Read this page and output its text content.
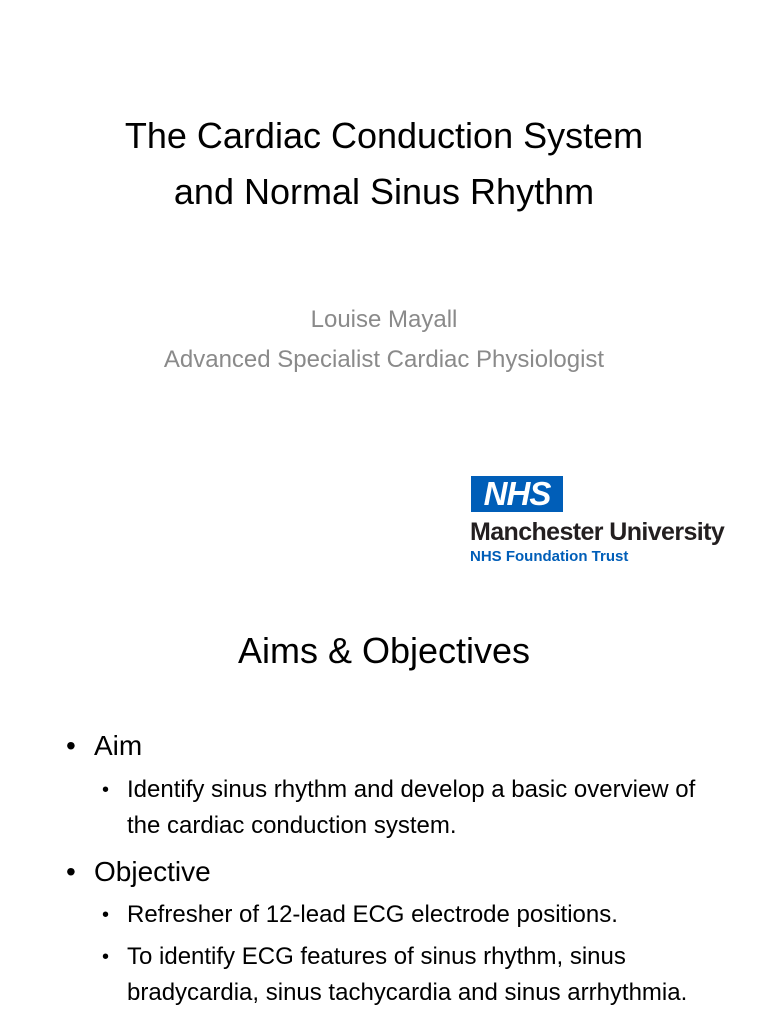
The Cardiac Conduction System
and Normal Sinus Rhythm
Louise Mayall
Advanced Specialist Cardiac Physiologist
NHS
Manchester University
NHS Foundation Trust
Aims & Objectives
• Aim
• Identify sinus rhythm and develop a basic overview of the cardiac conduction system.
• Objective
• Refresher of 12-lead ECG electrode positions.
• To identify ECG features of sinus rhythm, sinus bradycardia, sinus tachycardia and sinus arrhythmia.
